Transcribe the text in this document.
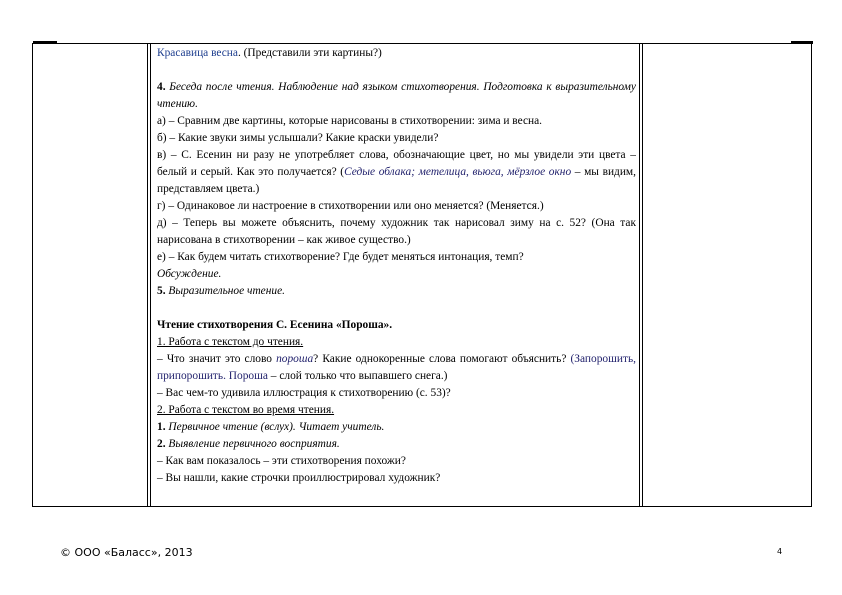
Красавица весна. (Представили эти картины?)

4. Беседа после чтения. Наблюдение над языком стихотворения. Подготовка к выразительному чтению.

а) – Сравним две картины, которые нарисованы в стихотворении: зима и весна.

б) – Какие звуки зимы услышали? Какие краски увидели?

в) – С. Есенин ни разу не употребляет слова, обозначающие цвет, но мы увидели эти цвета – белый и серый. Как это получается? (Седые облака; метелица, вьюга, мёрзлое окно – мы видим, представляем цвета.)

г) – Одинаковое ли настроение в стихотворении или оно меняется? (Меняется.)

д) – Теперь вы можете объяснить, почему художник так нарисовал зиму на с. 52? (Она так нарисована в стихотворении – как живое существо.)

е) – Как будем читать стихотворение? Где будет меняться интонация, темп?

Обсуждение.

5. Выразительное чтение.

Чтение стихотворения С. Есенина «Пороша».

1. Работа с текстом до чтения.

– Что значит это слово пороша? Какие однокоренные слова помогают объяснить? (Запорошить, припорошить. Пороша – слой только что выпавшего снега.)

– Вас чем-то удивила иллюстрация к стихотворению (с. 53)?

2. Работа с текстом во время чтения.

1. Первичное чтение (вслух). Читает учитель.

2. Выявление первичного восприятия.

– Как вам показалось – эти стихотворения похожи?

– Вы нашли, какие строчки проиллюстрировал художник?

© ООО «Баласс», 2013	4
